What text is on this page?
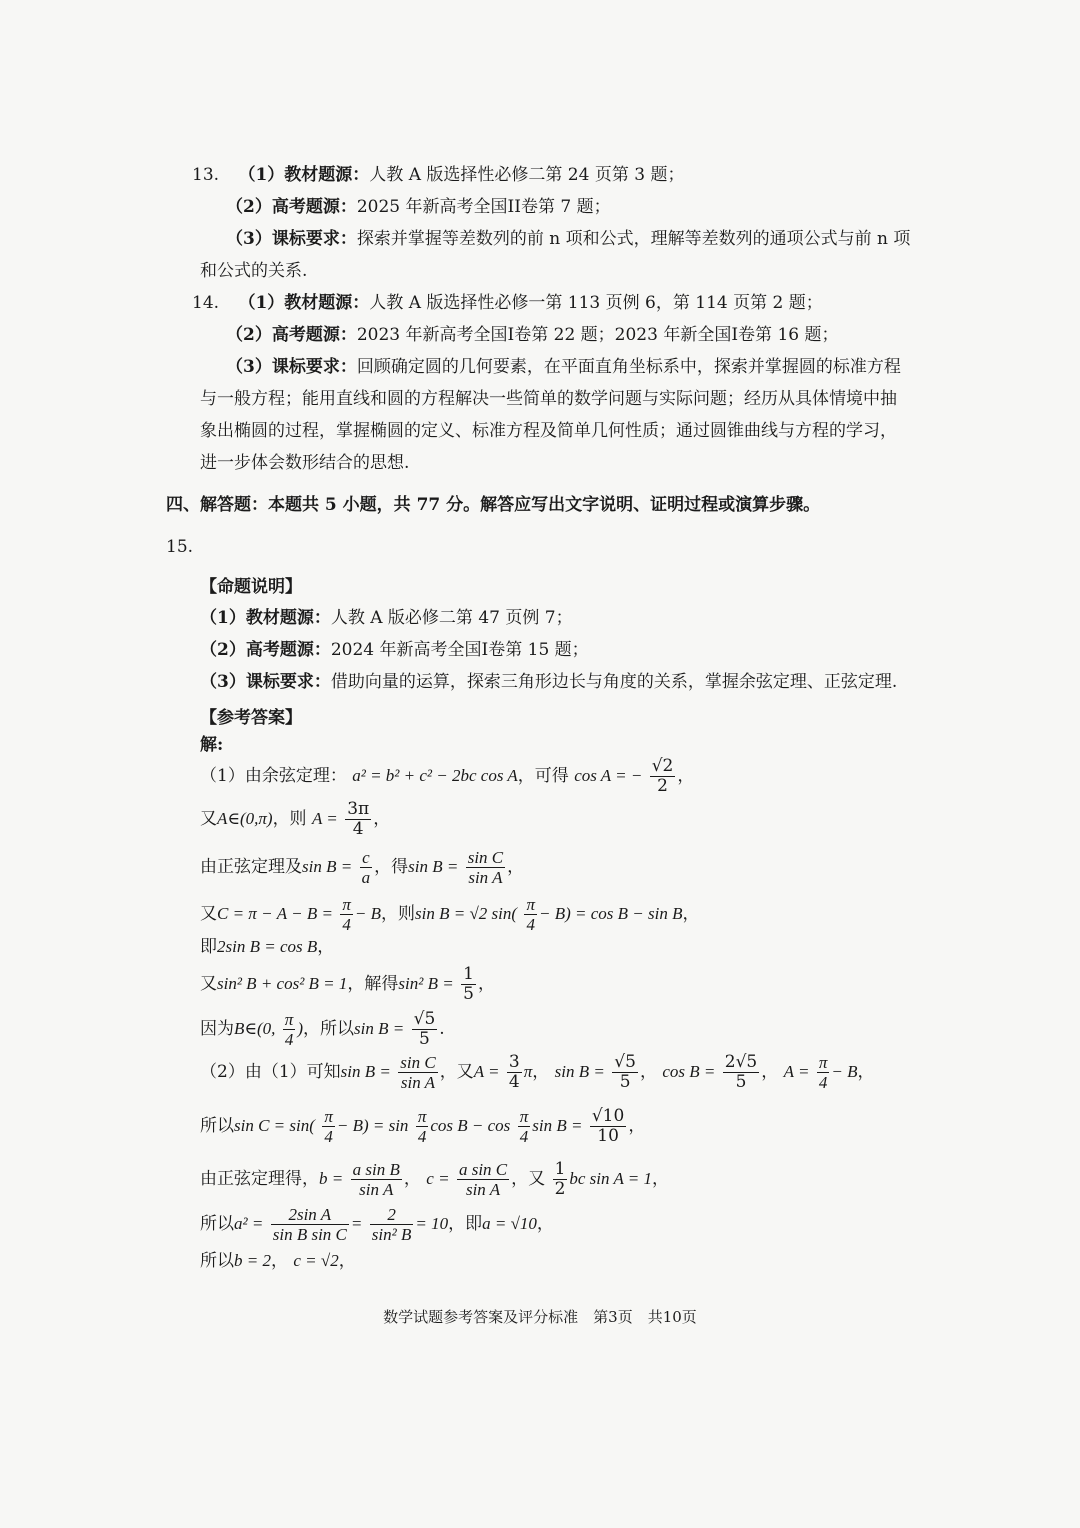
13. （1）教材题源：人教 A 版选择性必修二第 24 页第 3 题；
（2）高考题源：2025 年新高考全国II卷第 7 题；
（3）课标要求：探索并掌握等差数列的前 n 项和公式，理解等差数列的通项公式与前 n 项
和公式的关系.
14. （1）教材题源：人教 A 版选择性必修一第 113 页例 6，第 114 页第 2 题；
（2）高考题源：2023 年新高考全国I卷第 22 题；2023 年新全国I卷第 16 题；
（3）课标要求：回顾确定圆的几何要素，在平面直角坐标系中，探索并掌握圆的标准方程
与一般方程；能用直线和圆的方程解决一些简单的数学问题与实际问题；经历从具体情境中抽
象出椭圆的过程，掌握椭圆的定义、标准方程及简单几何性质；通过圆锥曲线与方程的学习，
进一步体会数形结合的思想.
四、解答题：本题共 5 小题，共 77 分。解答应写出文字说明、证明过程或演算步骤。
15.
【命题说明】
（1）教材题源：人教 A 版必修二第 47 页例 7；
（2）高考题源：2024 年新高考全国I卷第 15 题；
（3）课标要求：借助向量的运算，探索三角形边长与角度的关系，掌握余弦定理、正弦定理.
【参考答案】
解:
（1）由余弦定理： a² = b² + c² − 2bc cos A，可得 cos A = − $\frac{√2}{2}$ ，
又A∈(0,π)，则 $A = \frac{3\pi}{4}$ ，
由正弦定理及$\sin B = \frac{c}{a}$ ，得$\sin B = \frac{\text{sin C}}{\text{sin A}}$ ，
又$C = \pi - A - B = \frac{\pi}{4} - B$，则sin B = √2 $\sin( \frac{\pi}{4} - B) = \cos B - \sin B$，
即2sin B = cos B，
又sin² B + cos² B = 1，解得sin² $B = \frac{1}{5}$ ，
因为B∈(0, $\frac{\pi}{4}$ )，所以$\sin B = \frac{√5}{5}$ .
（2）由（1）可知$\sin B = \frac{\text{sin C}}{\text{sin A}}$ ，又$A = \frac{3}{4}$ π， $\sin B = \frac{√5}{5}$ ， $\cos B = \frac{2√5}{5}$ ， $A = \frac{\pi}{4} - B$，
所以$\sin C = \sin( \frac{\pi}{4} - B) = \sin \frac{\pi}{4}$ $\cos B - \cos \frac{\pi}{4}$ $\sin B = \frac{√10}{10}$ ，
由正弦定理得，$b = \frac{\text{a sin B}}{\text{sin A}}$ ， $c = \frac{\text{a sin C}}{\text{sin A}}$ ，又 $\frac{1}{2}$ bc sin A = 1，
所以$a^2 = \frac{\text{2sin A}}{\text{sin B sin C}} = \frac{2}{\text{sin² B}} = 10$，即a = √10，
所以b = 2， c = √2，
数学试题参考答案及评分标准　第3页　共10页
